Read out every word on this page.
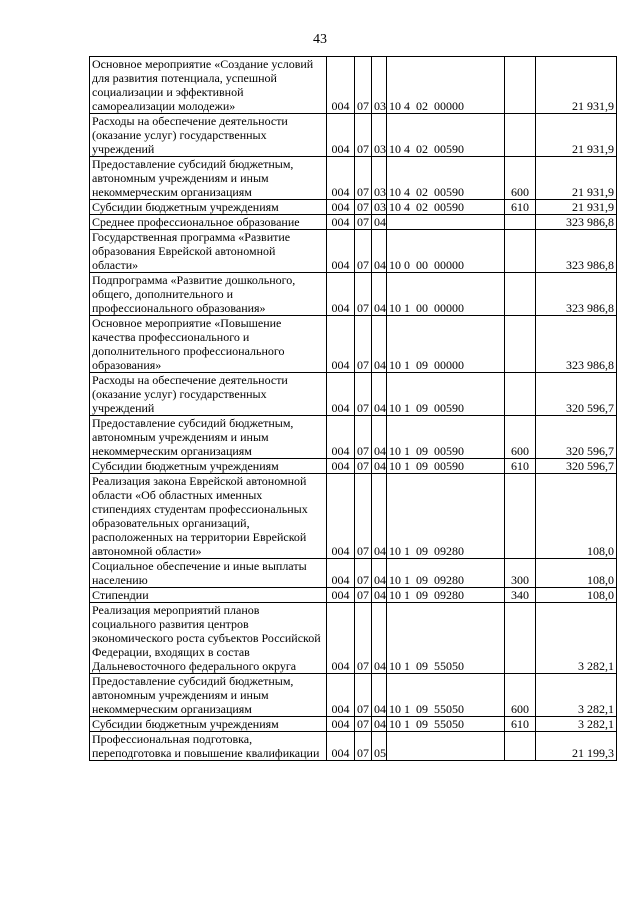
43
Основное мероприятие «Создание условий для развития потенциала, успешной социализации и эффективной самореализации молодежи»	004	07	03	10 4  02  00000		21 931,9
Расходы на обеспечение деятельности (оказание услуг) государственных учреждений	004	07	03	10 4  02  00590		21 931,9
Предоставление субсидий бюджетным, автономным учреждениям и иным некоммерческим организациям	004	07	03	10 4  02  00590	600	21 931,9
Субсидии бюджетным учреждениям	004	07	03	10 4  02  00590	610	21 931,9
Среднее профессиональное образование	004	07	04			323 986,8
Государственная программа «Развитие образования Еврейской автономной области»	004	07	04	10 0  00  00000		323 986,8
Подпрограмма «Развитие дошкольного, общего, дополнительного и профессионального образования»	004	07	04	10 1  00  00000		323 986,8
Основное мероприятие «Повышение качества профессионального и дополнительного профессионального образования»	004	07	04	10 1  09  00000		323 986,8
Расходы на обеспечение деятельности (оказание услуг) государственных учреждений	004	07	04	10 1  09  00590		320 596,7
Предоставление субсидий бюджетным, автономным учреждениям и иным некоммерческим организациям	004	07	04	10 1  09  00590	600	320 596,7
Субсидии бюджетным учреждениям	004	07	04	10 1  09  00590	610	320 596,7
Реализация закона Еврейской автономной области «Об областных именных стипендиях студентам профессиональных образовательных организаций, расположенных на территории Еврейской автономной области»	004	07	04	10 1  09  09280		108,0
Социальное обеспечение и иные выплаты населению	004	07	04	10 1  09  09280	300	108,0
Стипендии	004	07	04	10 1  09  09280	340	108,0
Реализация мероприятий планов социального развития центров экономического роста субъектов Российской Федерации, входящих в состав Дальневосточного федерального округа	004	07	04	10 1  09  55050		3 282,1
Предоставление субсидий бюджетным, автономным учреждениям и иным некоммерческим организациям	004	07	04	10 1  09  55050	600	3 282,1
Субсидии бюджетным учреждениям	004	07	04	10 1  09  55050	610	3 282,1
Профессиональная подготовка, переподготовка и повышение квалификации	004	07	05			21 199,3
